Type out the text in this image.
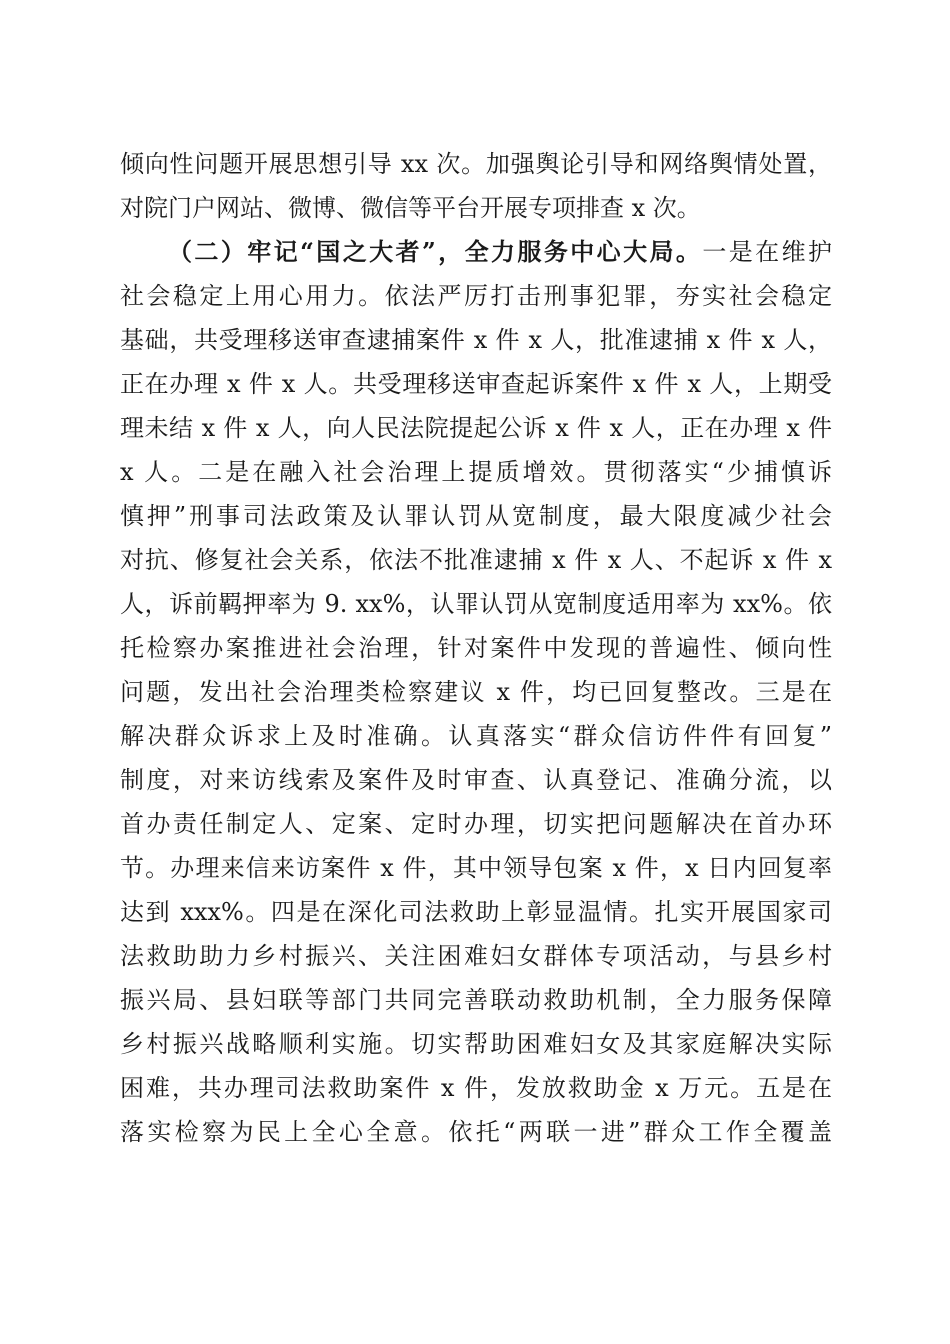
倾向性问题开展思想引导 xx 次。加强舆论引导和网络舆情处置，
对院门户网站、微博、微信等平台开展专项排查 x 次。
（二）牢记“国之大者”，全力服务中心大局。一是在维护
社会稳定上用心用力。依法严厉打击刑事犯罪，夯实社会稳定
基础，共受理移送审查逮捕案件 x 件 x 人，批准逮捕 x 件 x 人，
正在办理 x 件 x 人。共受理移送审查起诉案件 x 件 x 人，上期受
理未结 x 件 x 人，向人民法院提起公诉 x 件 x 人，正在办理 x 件
x 人。二是在融入社会治理上提质增效。贯彻落实“少捕慎诉
慎押”刑事司法政策及认罪认罚从宽制度，最大限度减少社会
对抗、修复社会关系，依法不批准逮捕 x 件 x 人、不起诉 x 件 x
人，诉前羁押率为 9. xx%，认罪认罚从宽制度适用率为 xx%。依
托检察办案推进社会治理，针对案件中发现的普遍性、倾向性
问题，发出社会治理类检察建议 x 件，均已回复整改。三是在
解决群众诉求上及时准确。认真落实“群众信访件件有回复”
制度，对来访线索及案件及时审查、认真登记、准确分流，以
首办责任制定人、定案、定时办理，切实把问题解决在首办环
节。办理来信来访案件 x 件，其中领导包案 x 件，x 日内回复率
达到 xxx%。四是在深化司法救助上彰显温情。扎实开展国家司
法救助助力乡村振兴、关注困难妇女群体专项活动，与县乡村
振兴局、县妇联等部门共同完善联动救助机制，全力服务保障
乡村振兴战略顺利实施。切实帮助困难妇女及其家庭解决实际
困难，共办理司法救助案件 x 件，发放救助金 x 万元。五是在
落实检察为民上全心全意。依托“两联一进”群众工作全覆盖
